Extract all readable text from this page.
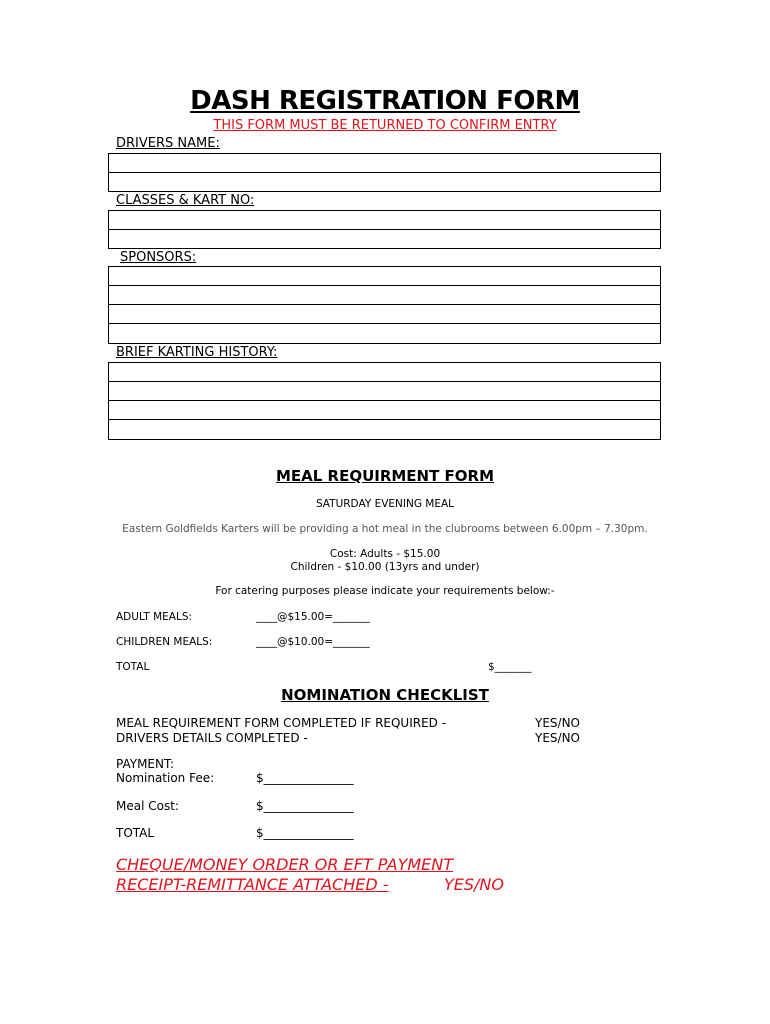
DASH REGISTRATION FORM
THIS FORM MUST BE RETURNED TO CONFIRM ENTRY
DRIVERS NAME:
CLASSES & KART NO:
SPONSORS:
BRIEF KARTING HISTORY:
MEAL REQUIRMENT FORM
SATURDAY EVENING MEAL
Eastern Goldfields Karters will be providing a hot meal in the clubrooms between 6.00pm – 7.30pm.
Cost: Adults - $15.00
Children - $10.00 (13yrs and under)
For catering purposes please indicate your requirements below:-
ADULT MEALS:	____@$15.00=_______
CHILDREN MEALS:	____@$10.00=_______
TOTAL	$_______
NOMINATION CHECKLIST
MEAL REQUIREMENT FORM COMPLETED IF REQUIRED -	YES/NO
DRIVERS DETAILS COMPLETED -	YES/NO
PAYMENT:
Nomination Fee:	$_______________
Meal Cost:	$_______________
TOTAL	$_______________
CHEQUE/MONEY ORDER OR EFT PAYMENT
RECEIPT-REMITTANCE ATTACHED -	YES/NO
